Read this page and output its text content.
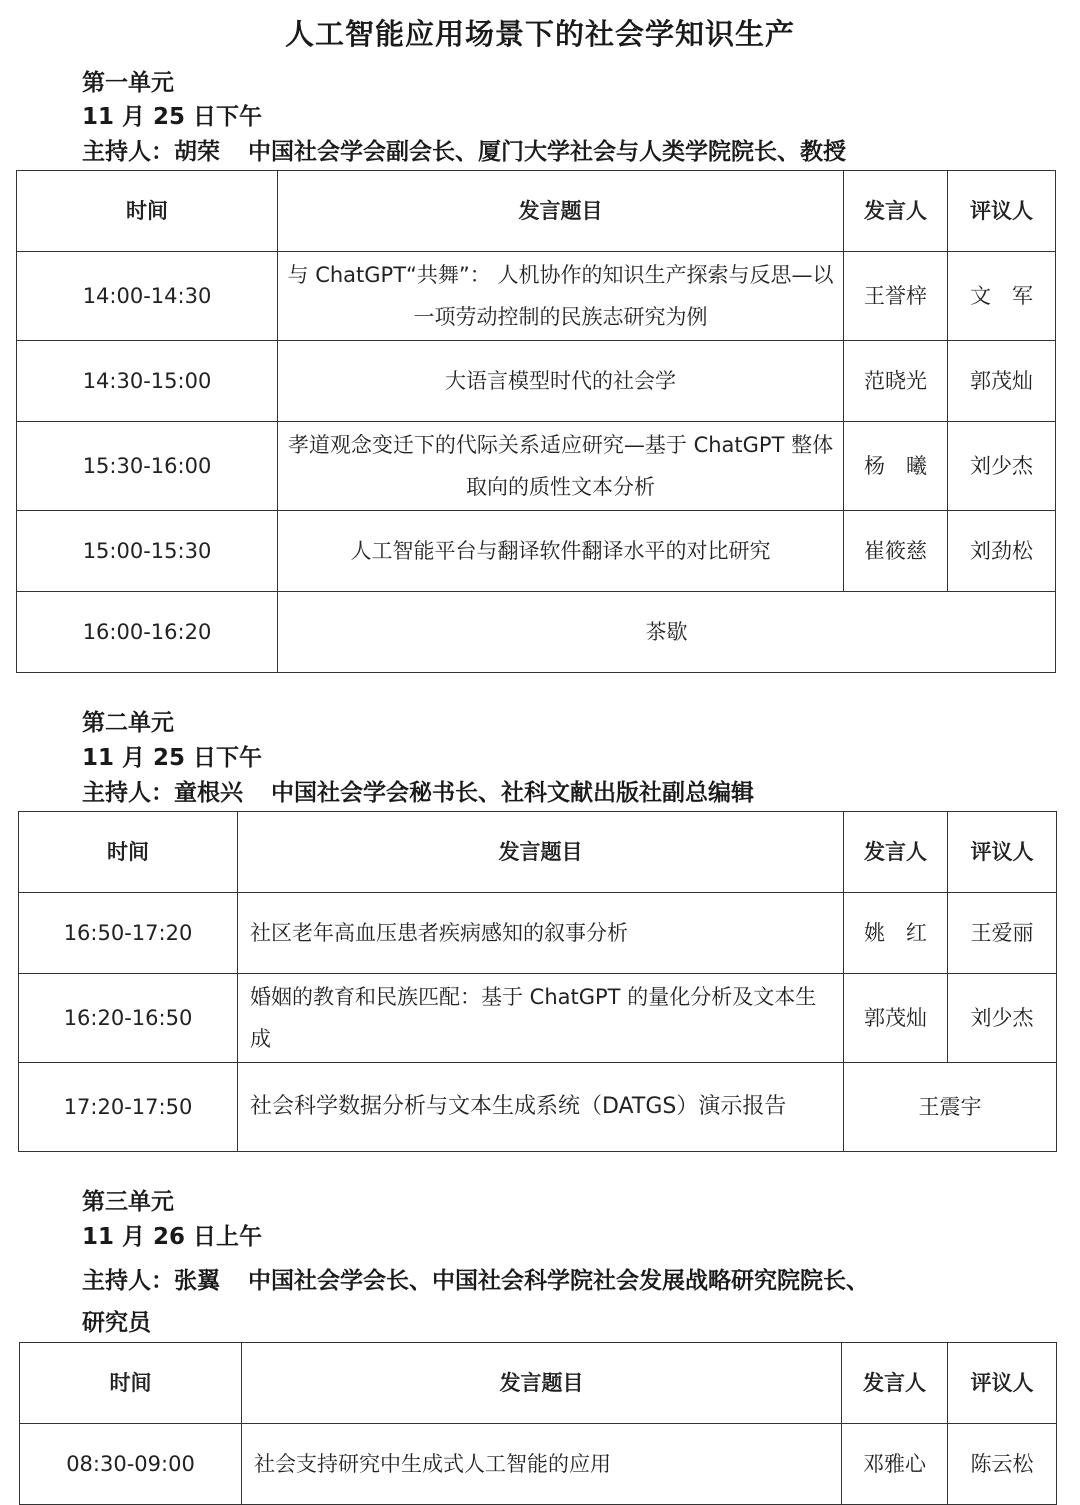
人工智能应用场景下的社会学知识生产
第一单元
11 月 25 日下午
主持人：胡荣 中国社会学会副会长、厦门大学社会与人类学院院长、教授
时间	发言题目	发言人	评议人
14:00-14:30	与 ChatGPT“共舞”： 人机协作的知识生产探索与反思—以一项劳动控制的民族志研究为例	王誉梓	文　军
14:30-15:00	大语言模型时代的社会学	范晓光	郭茂灿
15:30-16:00	孝道观念变迁下的代际关系适应研究—基于 ChatGPT 整体取向的质性文本分析	杨　曦	刘少杰
15:00-15:30	人工智能平台与翻译软件翻译水平的对比研究	崔筱慈	刘劲松
16:00-16:20	茶歇		
第二单元
11 月 25 日下午
主持人：童根兴 中国社会学会秘书长、社科文献出版社副总编辑
时间	发言题目	发言人	评议人
16:50-17:20	社区老年高血压患者疾病感知的叙事分析	姚　红	王爱丽
16:20-16:50	婚姻的教育和民族匹配：基于 ChatGPT 的量化分析及文本生成	郭茂灿	刘少杰
17:20-17:50	社会科学数据分析与文本生成系统（DATGS）演示报告	王震宇	
第三单元
11 月 26 日上午
主持人：张翼 中国社会学会长、中国社会科学院社会发展战略研究院院长、
研究员
时间	发言题目	发言人	评议人
08:30-09:00	社会支持研究中生成式人工智能的应用	邓雅心	陈云松
